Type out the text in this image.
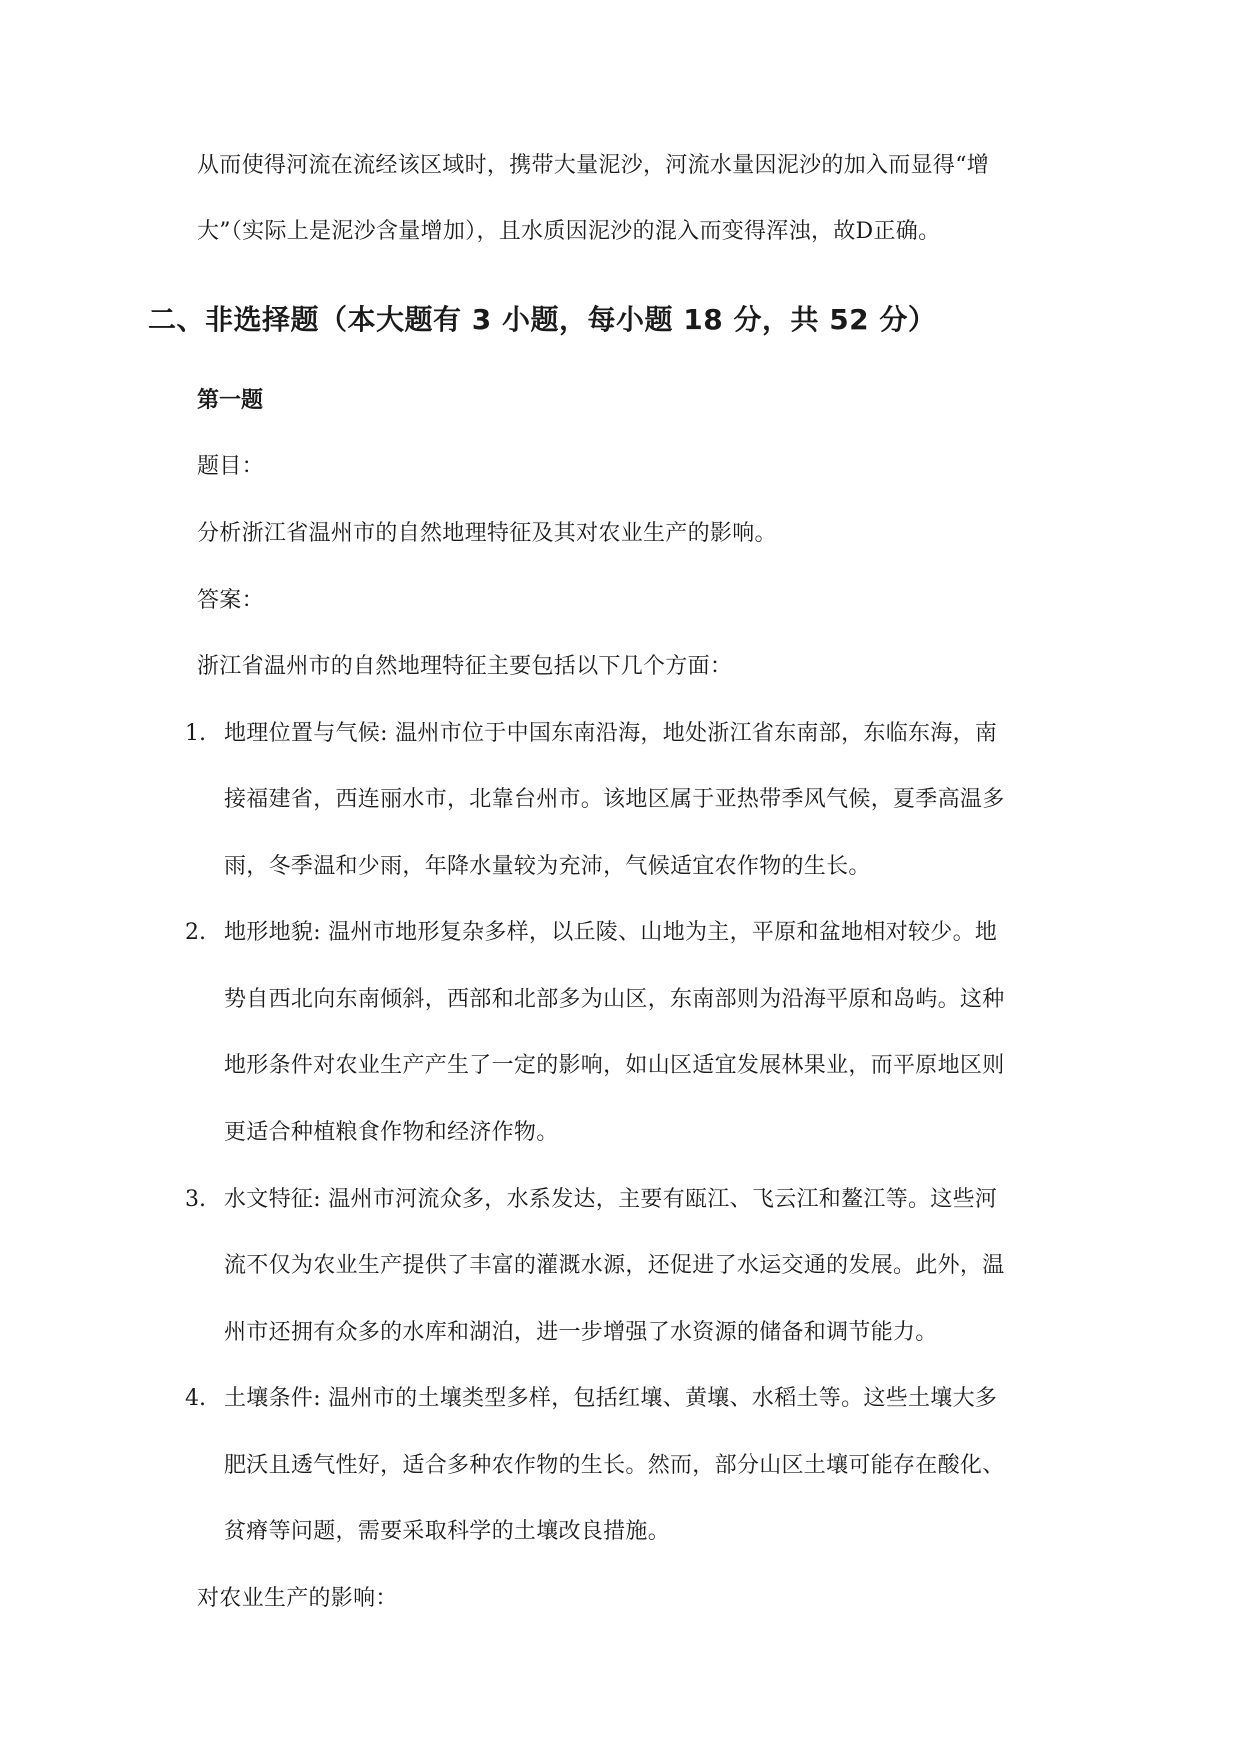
从而使得河流在流经该区域时，携带大量泥沙，河流水量因泥沙的加入而显得“增
大”（实际上是泥沙含量增加），且水质因泥沙的混入而变得浑浊，故D正确。
二、非选择题（本大题有 3 小题，每小题 18 分，共 52 分）
第一题
题目：
分析浙江省温州市的自然地理特征及其对农业生产的影响。
答案：
浙江省温州市的自然地理特征主要包括以下几个方面：
1. 地理位置与气候: 温州市位于中国东南沿海，地处浙江省东南部，东临东海，南
接福建省，西连丽水市，北靠台州市。该地区属于亚热带季风气候，夏季高温多
雨，冬季温和少雨，年降水量较为充沛，气候适宜农作物的生长。
2. 地形地貌: 温州市地形复杂多样，以丘陵、山地为主，平原和盆地相对较少。地
势自西北向东南倾斜，西部和北部多为山区，东南部则为沿海平原和岛屿。这种
地形条件对农业生产产生了一定的影响，如山区适宜发展林果业，而平原地区则
更适合种植粮食作物和经济作物。
3. 水文特征: 温州市河流众多，水系发达，主要有瓯江、飞云江和鳌江等。这些河
流不仅为农业生产提供了丰富的灌溉水源，还促进了水运交通的发展。此外，温
州市还拥有众多的水库和湖泊，进一步增强了水资源的储备和调节能力。
4. 土壤条件: 温州市的土壤类型多样，包括红壤、黄壤、水稻土等。这些土壤大多
肥沃且透气性好，适合多种农作物的生长。然而，部分山区土壤可能存在酸化、
贫瘠等问题，需要采取科学的土壤改良措施。
对农业生产的影响：
